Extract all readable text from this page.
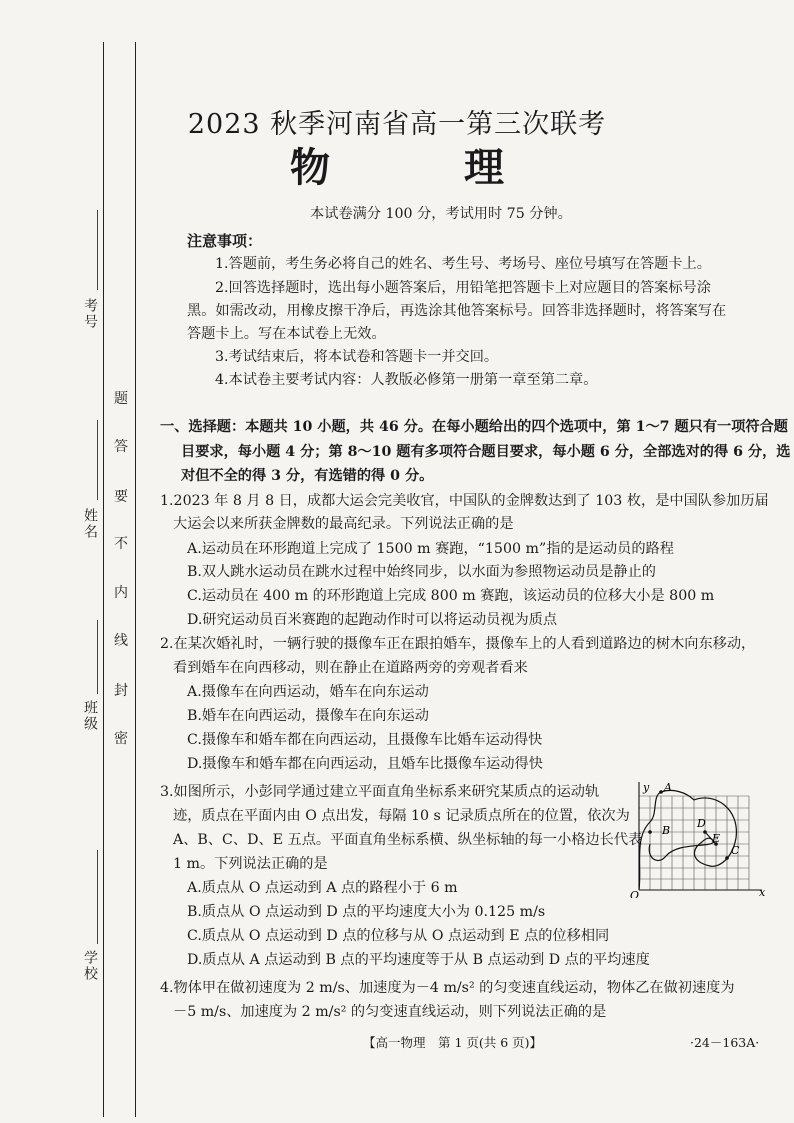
考号
姓名
班级
学校
题
答
要
不
内
线
封
密
2023 秋季河南省高一第三次联考
物 理
本试卷满分 100 分，考试用时 75 分钟。
注意事项：
1.答题前，考生务必将自己的姓名、考生号、考场号、座位号填写在答题卡上。
2.回答选择题时，选出每小题答案后，用铅笔把答题卡上对应题目的答案标号涂
黑。如需改动，用橡皮擦干净后，再选涂其他答案标号。回答非选择题时，将答案写在
答题卡上。写在本试卷上无效。
3.考试结束后，将本试卷和答题卡一并交回。
4.本试卷主要考试内容：人教版必修第一册第一章至第二章。
一、选择题：本题共 10 小题，共 46 分。在每小题给出的四个选项中，第 1～7 题只有一项符合题
目要求，每小题 4 分；第 8～10 题有多项符合题目要求，每小题 6 分，全部选对的得 6 分，选
对但不全的得 3 分，有选错的得 0 分。
1.2023 年 8 月 8 日，成都大运会完美收官，中国队的金牌数达到了 103 枚，是中国队参加历届
大运会以来所获金牌数的最高纪录。下列说法正确的是
A.运动员在环形跑道上完成了 1500 m 赛跑，“1500 m”指的是运动员的路程
B.双人跳水运动员在跳水过程中始终同步，以水面为参照物运动员是静止的
C.运动员在 400 m 的环形跑道上完成 800 m 赛跑，该运动员的位移大小是 800 m
D.研究运动员百米赛跑的起跑动作时可以将运动员视为质点
2.在某次婚礼时，一辆行驶的摄像车正在跟拍婚车，摄像车上的人看到道路边的树木向东移动，
看到婚车在向西移动，则在静止在道路两旁的旁观者看来
A.摄像车在向西运动，婚车在向东运动
B.婚车在向西运动，摄像车在向东运动
C.摄像车和婚车都在向西运动，且摄像车比婚车运动得快
D.摄像车和婚车都在向西运动，且婚车比摄像车运动得快
3.如图所示，小彭同学通过建立平面直角坐标系来研究某质点的运动轨
迹，质点在平面内由 O 点出发，每隔 10 s 记录质点所在的位置，依次为
A、B、C、D、E 五点。平面直角坐标系横、纵坐标轴的每一小格边长代表
1 m。下列说法正确的是
A.质点从 O 点运动到 A 点的路程小于 6 m
B.质点从 O 点运动到 D 点的平均速度大小为 0.125 m/s
C.质点从 O 点运动到 D 点的位移与从 O 点运动到 E 点的位移相同
D.质点从 A 点运动到 B 点的平均速度等于从 B 点运动到 D 点的平均速度
y
x
O
A
B
C
D
E
4.物体甲在做初速度为 2 m/s、加速度为－4 m/s² 的匀变速直线运动，物体乙在做初速度为
－5 m/s、加速度为 2 m/s² 的匀变速直线运动，则下列说法正确的是
【高一物理　第 1 页(共 6 页)】	·24－163A·
